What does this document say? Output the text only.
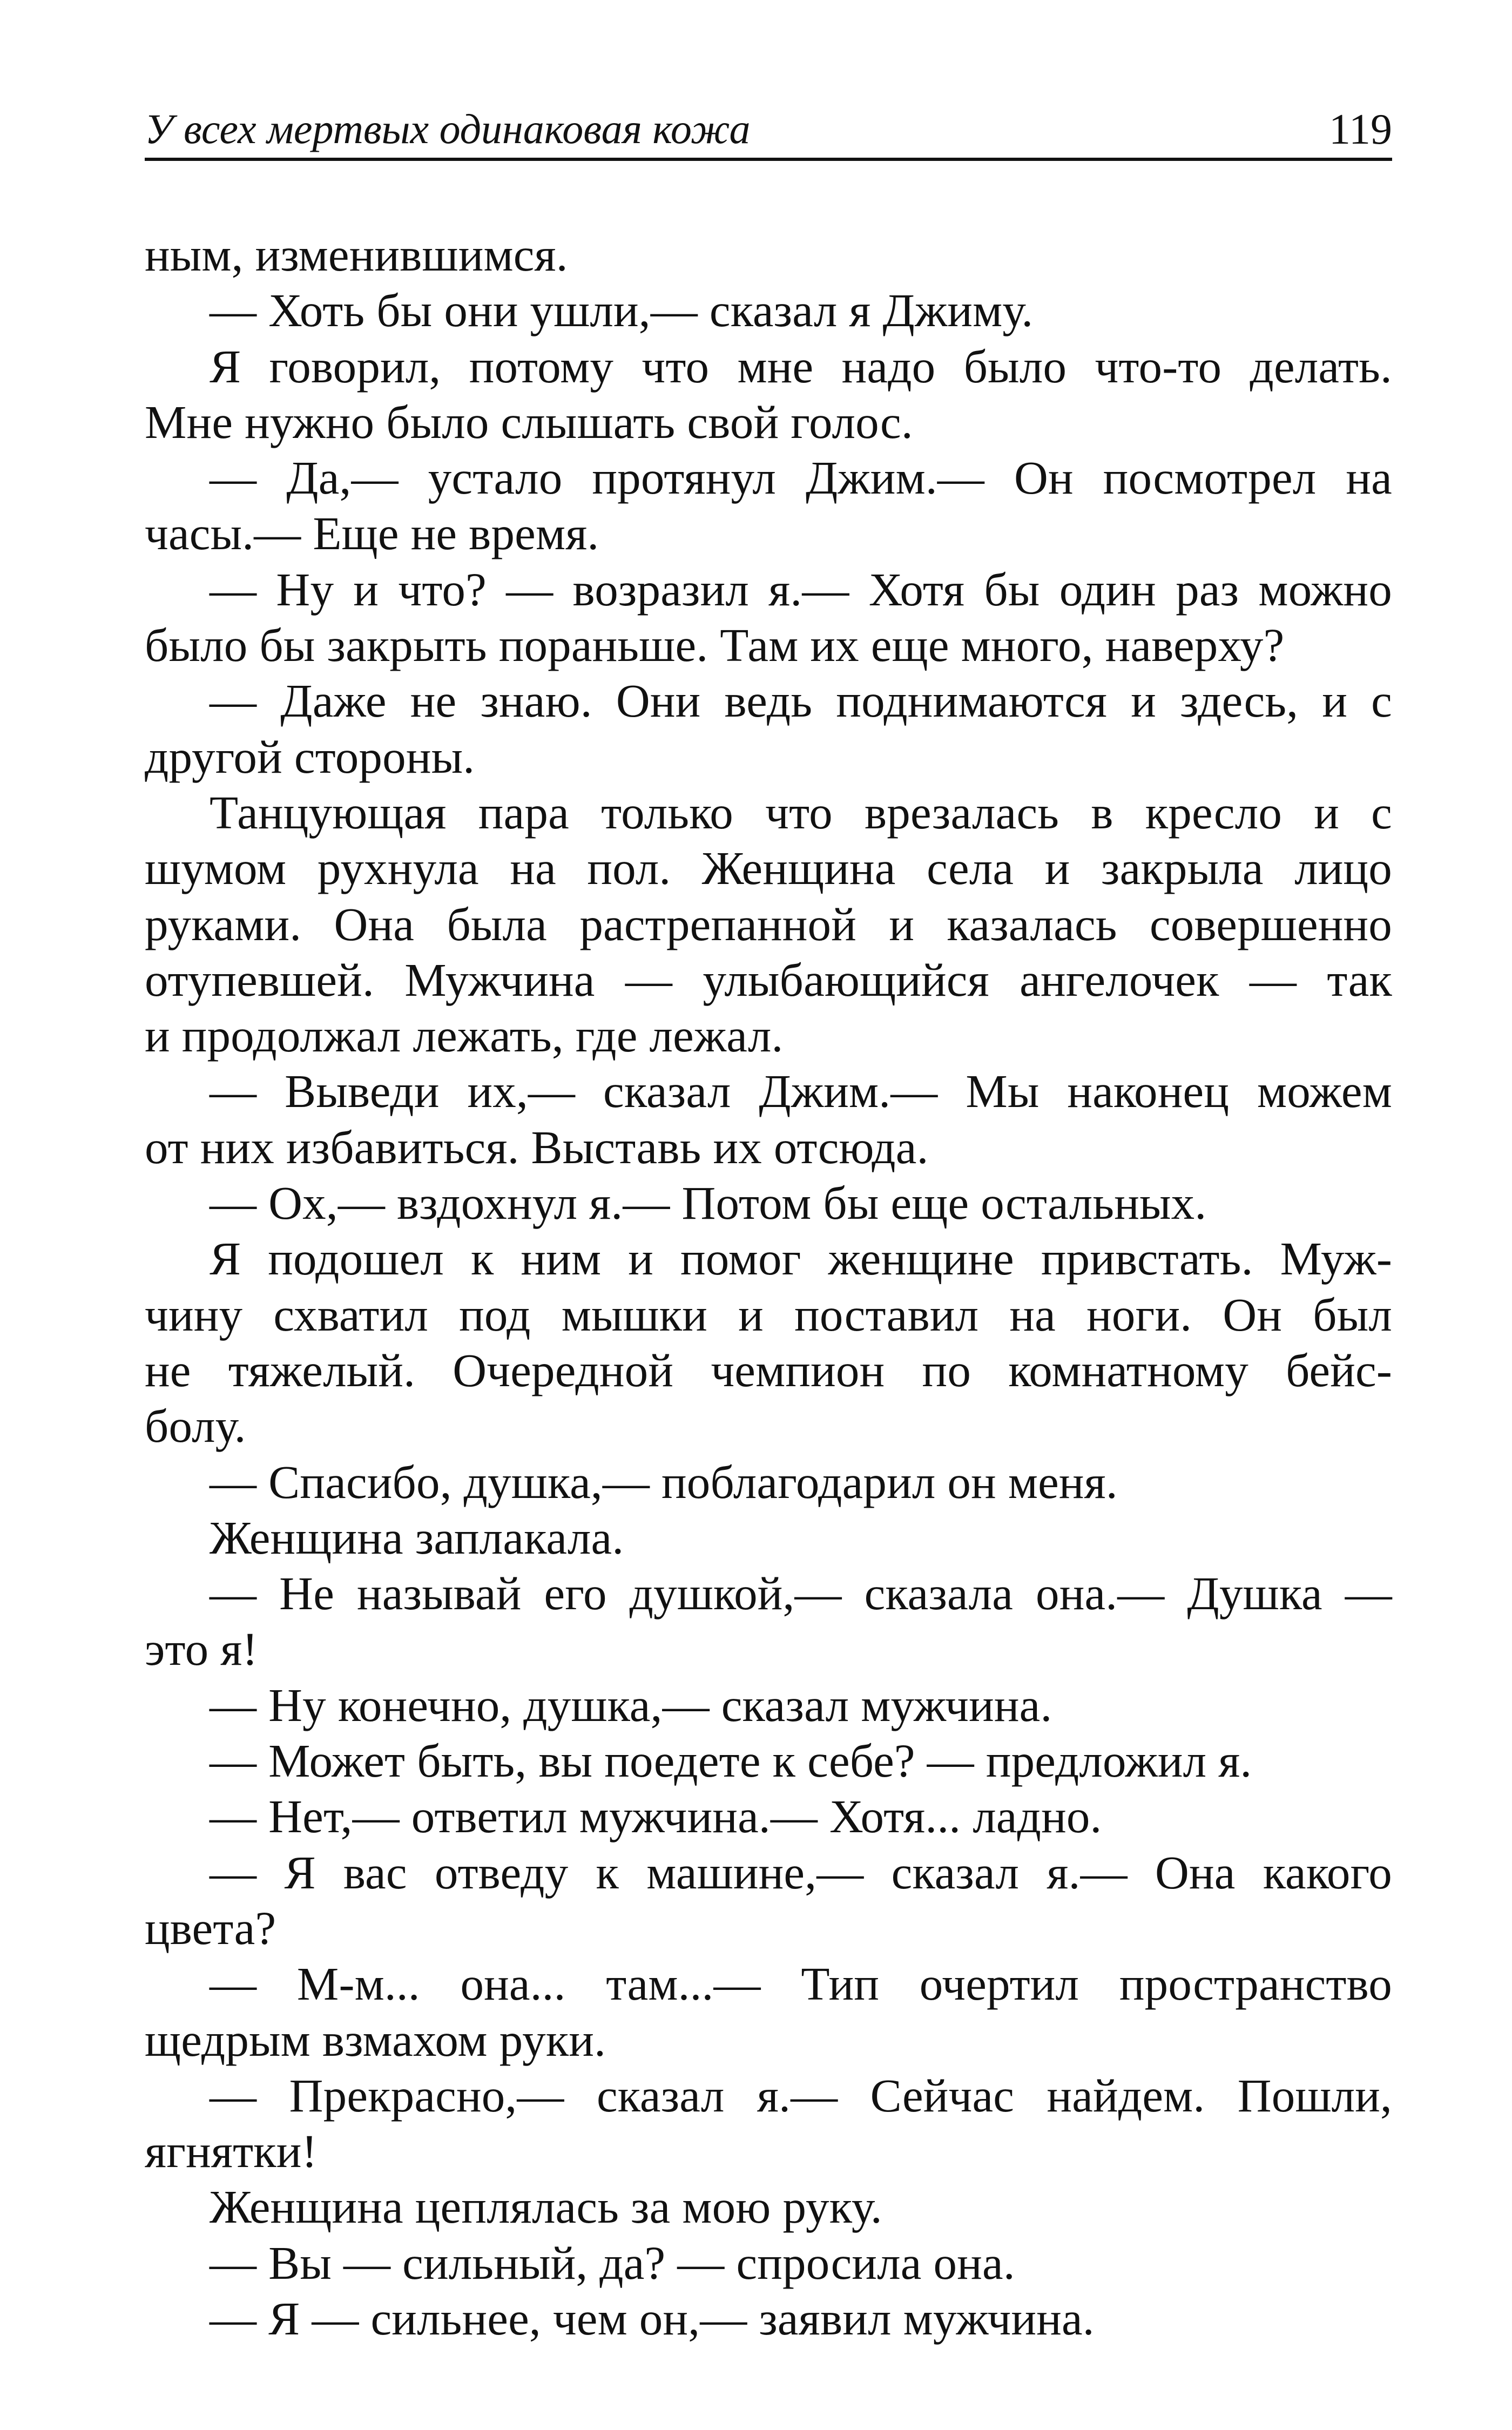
У всех мертвых одинаковая кожа	119
ным, изменившимся.
— Хоть бы они ушли,— сказал я Джиму.
Я говорил, потому что мне надо было что-то делать.
Мне нужно было слышать свой голос.
— Да,— устало протянул Джим.— Он посмотрел на
часы.— Еще не время.
— Ну и что? — возразил я.— Хотя бы один раз можно
было бы закрыть пораньше. Там их еще много, наверху?
— Даже не знаю. Они ведь поднимаются и здесь, и с
другой стороны.
Танцующая пара только что врезалась в кресло и с
шумом рухнула на пол. Женщина села и закрыла лицо
руками. Она была растрепанной и казалась совершенно
отупевшей. Мужчина — улыбающийся ангелочек — так
и продолжал лежать, где лежал.
— Выведи их,— сказал Джим.— Мы наконец можем
от них избавиться. Выставь их отсюда.
— Ох,— вздохнул я.— Потом бы еще остальных.
Я подошел к ним и помог женщине привстать. Муж-
чину схватил под мышки и поставил на ноги. Он был
не тяжелый. Очередной чемпион по комнатному бейс-
болу.
— Спасибо, душка,— поблагодарил он меня.
Женщина заплакала.
— Не называй его душкой,— сказала она.— Душка —
это я!
— Ну конечно, душка,— сказал мужчина.
— Может быть, вы поедете к себе? — предложил я.
— Нет,— ответил мужчина.— Хотя... ладно.
— Я вас отведу к машине,— сказал я.— Она какого
цвета?
— М-м... она... там...— Тип очертил пространство
щедрым взмахом руки.
— Прекрасно,— сказал я.— Сейчас найдем. Пошли,
ягнятки!
Женщина цеплялась за мою руку.
— Вы — сильный, да? — спросила она.
— Я — сильнее, чем он,— заявил мужчина.
